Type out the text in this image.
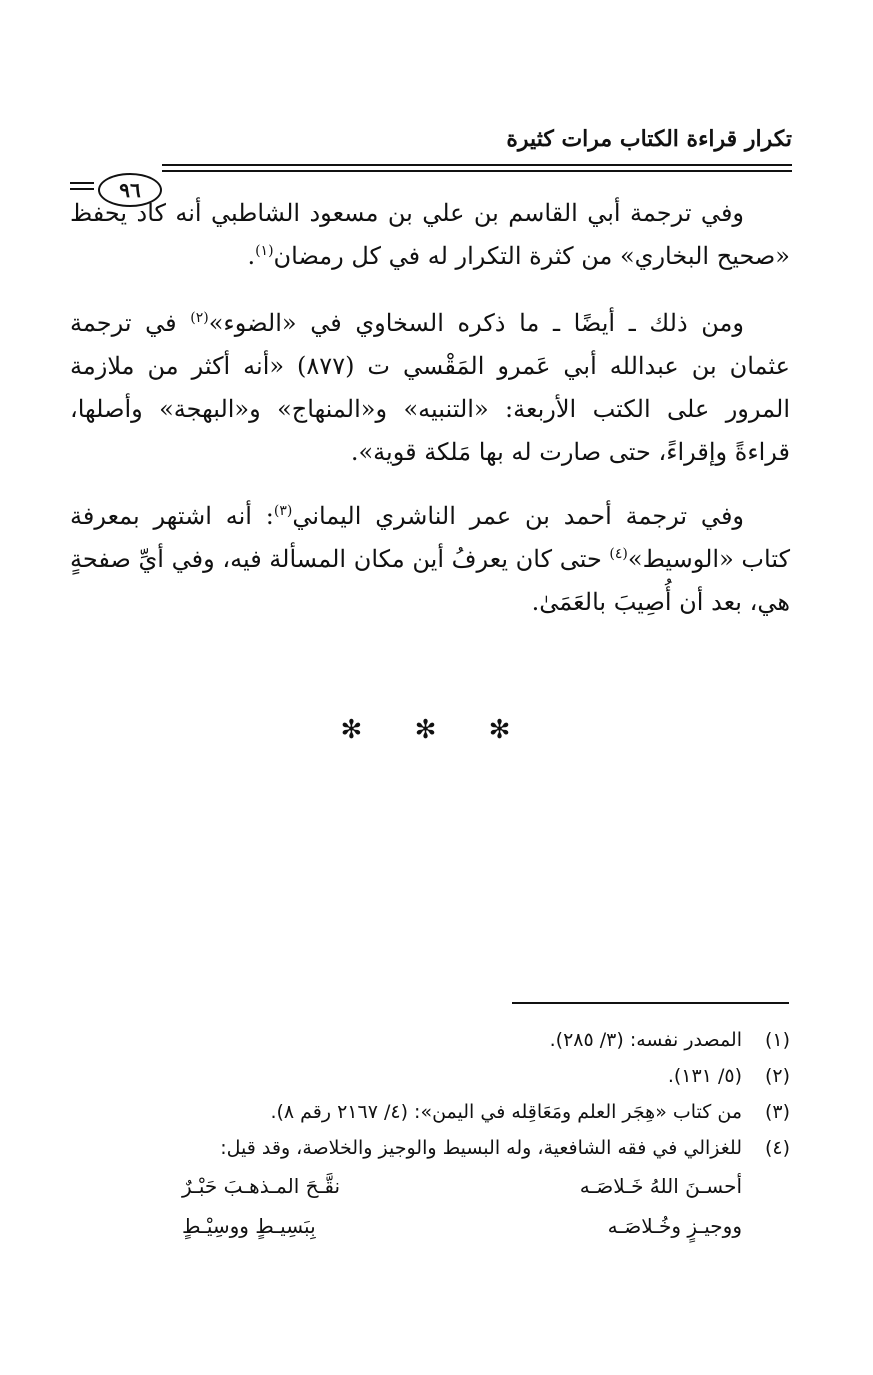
تكرار قراءة الكتاب مرات كثيرة
٩٦

وفي ترجمة أبي القاسم بن علي بن مسعود الشاطبي أنه كاد يحفظ «صحيح البخاري» من كثرة التكرار له في كل رمضان$^{(١)}$.

ومن ذلك ـ أيضًا ـ ما ذكره السخاوي في «الضوء»$^{(٢)}$ في ترجمة عثمان بن عبدالله أبي عَمرو المَقْسي ت (٨٧٧) «أنه أكثر من ملازمة المرور على الكتب الأربعة: «التنبيه» و«المنهاج» و«البهجة» وأصلها، قراءةً وإقراءً، حتى صارت له بها مَلكة قوية».

وفي ترجمة أحمد بن عمر الناشري اليماني$^{(٣)}$: أنه اشتهر بمعرفة كتاب «الوسيط»$^{(٤)}$ حتى كان يعرفُ أين مكان المسألة فيه، وفي أيِّ صفحةٍ هي، بعد أن أُصِيبَ بالعَمَىٰ.

✻ ✻ ✻
(١)
المصدر نفسه: (٣/ ٢٨٥).
(٢)
(٥/ ١٣١).
(٣)
من كتاب «هِجَر العلم ومَعَاقِله في اليمن»: (٤/ ٢١٦٧ رقم ٨).
(٤)
للغزالي في فقه الشافعية، وله البسيط والوجيز والخلاصة، وقد قيل:
أحسـنَ اللهُ خَـلاصَـه
نقَّـحَ المـذهـبَ حَبْـرٌ
ووجيـزٍ وخُـلاصَـه
بِبَسِيـطٍ ووسِيْـطٍ
